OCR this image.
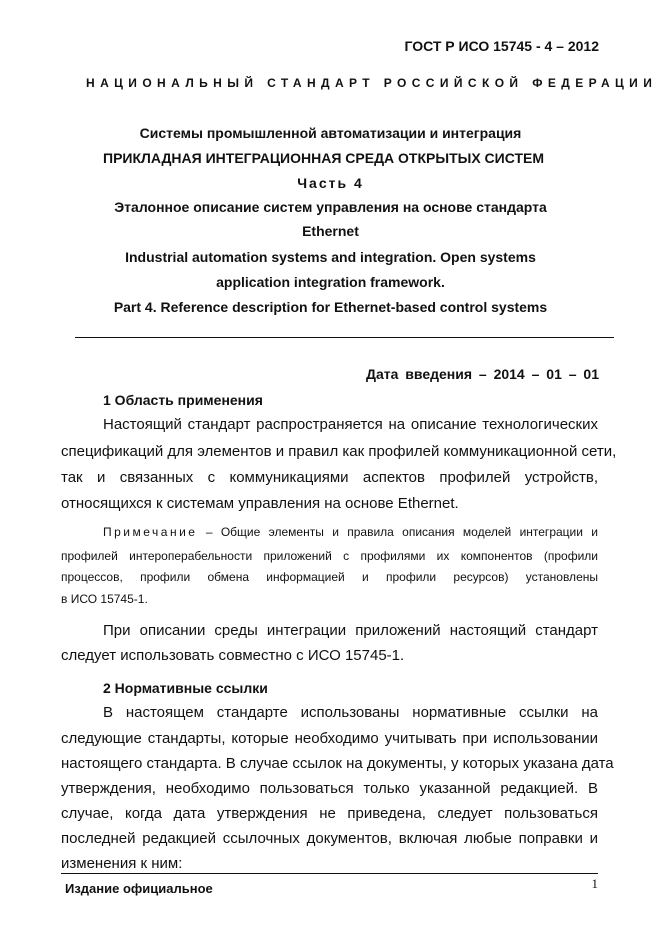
ГОСТ Р ИСО 15745 - 4 – 2012
НАЦИОНАЛЬНЫЙ СТАНДАРТ РОССИЙСКОЙ ФЕДЕРАЦИИ
Системы промышленной автоматизации и интеграция
ПРИКЛАДНАЯ ИНТЕГРАЦИОННАЯ СРЕДА ОТКРЫТЫХ СИСТЕМ
Часть 4
Эталонное описание систем управления на основе стандарта
Ethernet
Industrial automation systems and integration. Open systems
application integration framework.
Part 4. Reference description for Ethernet-based control systems
Дата введения – 2014 – 01 – 01
1 Область применения
Настоящий стандарт распространяется на описание технологических
спецификаций для элементов и правил как профилей коммуникационной сети,
так и связанных с коммуникациями аспектов профилей устройств,
относящихся к системам управления на основе Ethernet.
Примечание – Общие элементы и правила описания моделей интеграции и
профилей интероперабельности приложений с профилями их компонентов (профили
процессов, профили обмена информацией и профили ресурсов) установлены
в ИСО 15745-1.
При описании среды интеграции приложений настоящий стандарт
следует использовать совместно с ИСО 15745-1.
2 Нормативные ссылки
В настоящем стандарте использованы нормативные ссылки на
следующие стандарты, которые необходимо учитывать при использовании
настоящего стандарта. В случае ссылок на документы, у которых указана дата
утверждения, необходимо пользоваться только указанной редакцией. В
случае, когда дата утверждения не приведена, следует пользоваться
последней редакцией ссылочных документов, включая любые поправки и
изменения к ним:
1
Издание официальное
